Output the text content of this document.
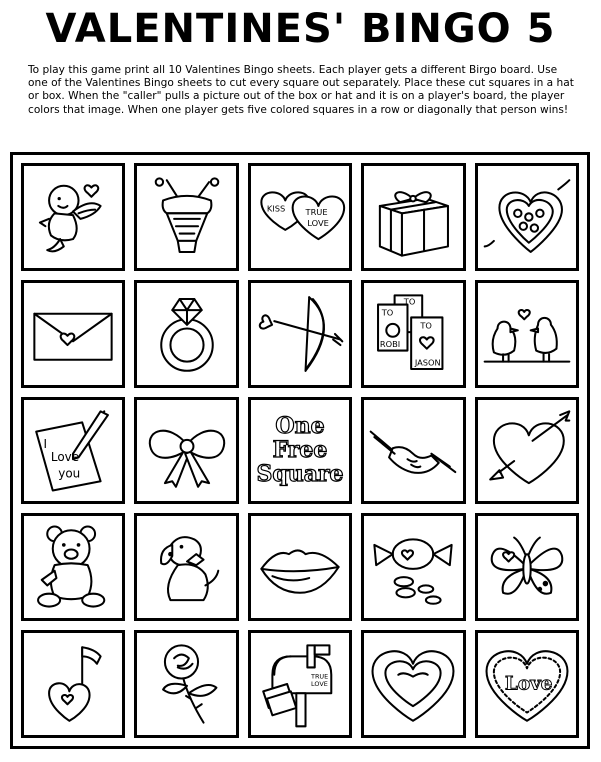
VALENTINES' BINGO 5
To play this game print all 10 Valentines Bingo sheets. Each player gets a different Birgo board. Use one of the Valentines Bingo sheets to cut every square out separately. Place these cut squares in a hat or box. When the "caller" pulls a picture out of the box or hat and it is on a player's board, the player colors that image. When one player gets five colored squares in a row or diagonally that person wins!
KISS TRUE
LOVE
TO
TO
TO
ROBI
JASON
I
Love
you
One
Free
Square
TRUE
LOVE	Love
